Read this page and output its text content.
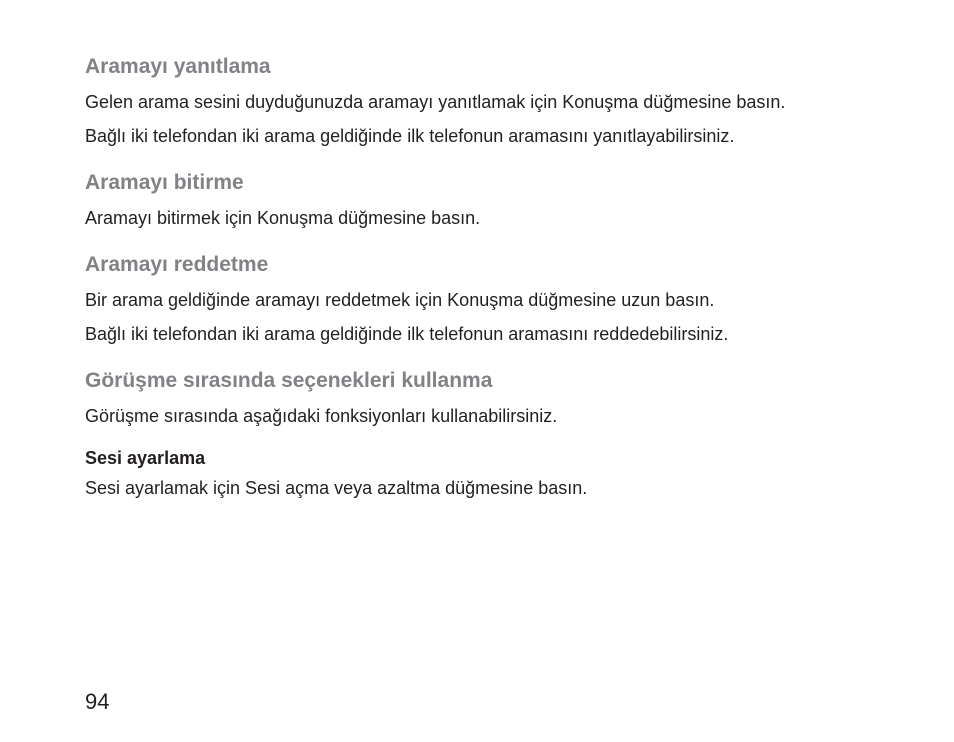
Aramayı yanıtlama

Gelen arama sesini duyduğunuzda aramayı yanıtlamak için Konuşma düğmesine basın.

Bağlı iki telefondan iki arama geldiğinde ilk telefonun aramasını yanıtlayabilirsiniz.

Aramayı bitirme

Aramayı bitirmek için Konuşma düğmesine basın.

Aramayı reddetme

Bir arama geldiğinde aramayı reddetmek için Konuşma düğmesine uzun basın.

Bağlı iki telefondan iki arama geldiğinde ilk telefonun aramasını reddedebilirsiniz.

Görüşme sırasında seçenekleri kullanma

Görüşme sırasında aşağıdaki fonksiyonları kullanabilirsiniz.

Sesi ayarlama

Sesi ayarlamak için Sesi açma veya azaltma düğmesine basın.

94
